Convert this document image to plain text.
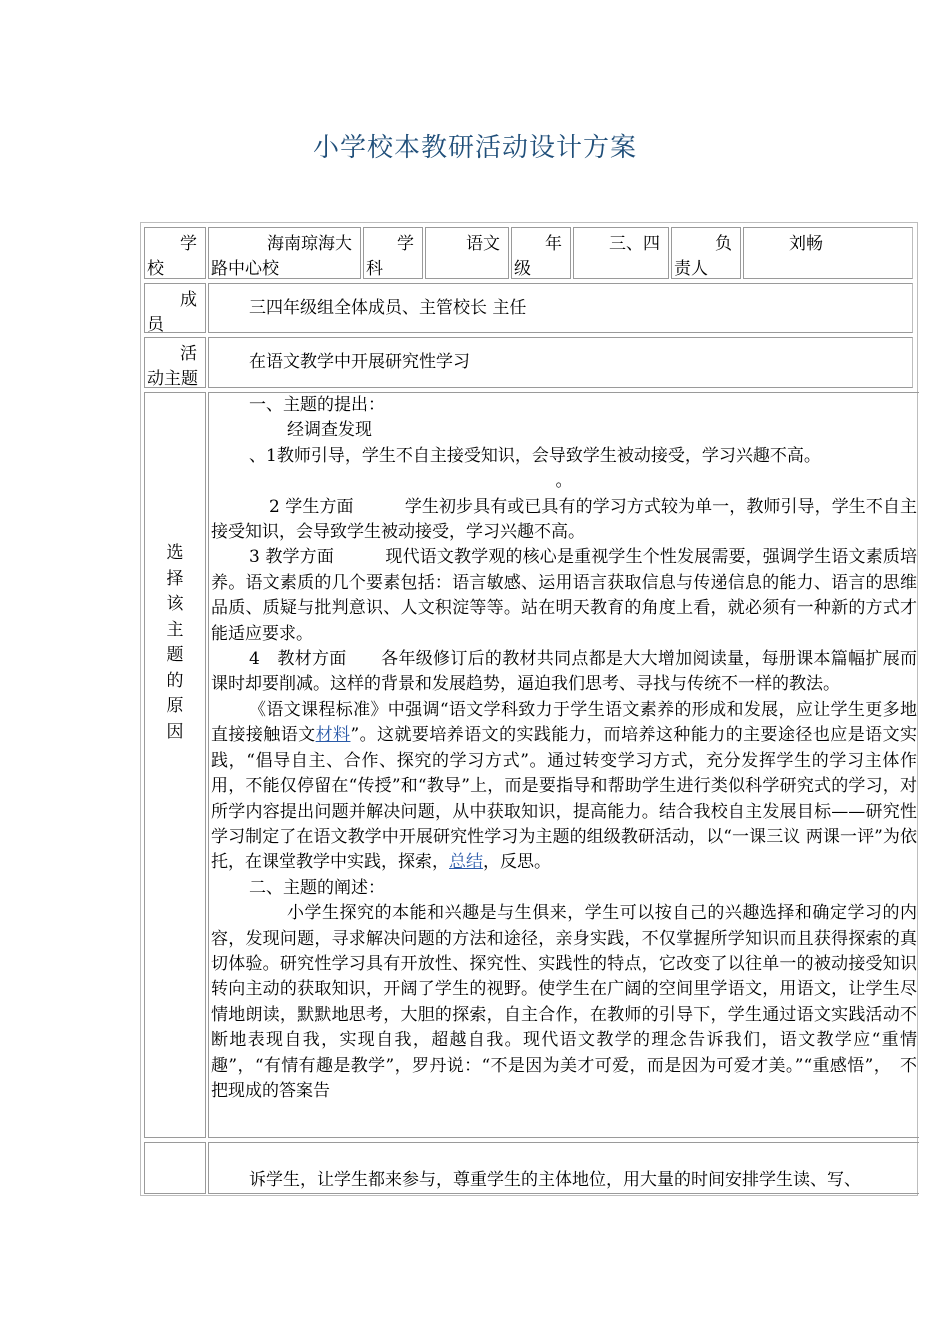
小学校本教研活动设计方案
学
校
海南琼海大
路中心校
学
科
语文	年
级
三、四	负
责人
刘畅
成
员
三四年级组全体成员、主管校长 主任
活
动主题
在语文教学中开展研究性学习
选
择
该
主
题
的
原
因

一、主题的提出：

经调查发现

、1教师引导，学生不自主接受知识，会导致学生被动接受，学习兴趣不高。

。

2 学生方面　　　学生初步具有或已具有的学习方式较为单一，教师引导，学生不自主接受知识，会导致学生被动接受，学习兴趣不高。

3 教学方面　　　现代语文教学观的核心是重视学生个性发展需要，强调学生语文素质培养。语文素质的几个要素包括：语言敏感、运用语言获取信息与传递信息的能力、语言的思维品质、质疑与批判意识、人文积淀等等。站在明天教育的角度上看，就必须有一种新的方式才能适应要求。

4　教材方面　　各年级修订后的教材共同点都是大大增加阅读量，每册课本篇幅扩展而课时却要削减。这样的背景和发展趋势，逼迫我们思考、寻找与传统不一样的教法。

《语文课程标准》中强调“语文学科致力于学生语文素养的形成和发展，应让学生更多地直接接触语文材料”。这就要培养语文的实践能力，而培养这种能力的主要途径也应是语文实践，“倡导自主、合作、探究的学习方式”。通过转变学习方式，充分发挥学生的学习主体作用，不能仅停留在“传授”和“教导”上，而是要指导和帮助学生进行类似科学研究式的学习，对所学内容提出问题并解决问题，从中获取知识，提高能力。结合我校自主发展目标——研究性学习制定了在语文教学中开展研究性学习为主题的组级教研活动，以“一课三议 两课一评”为依托，在课堂教学中实践，探索，总结，反思。

二、主题的阐述：

小学生探究的本能和兴趣是与生俱来，学生可以按自己的兴趣选择和确定学习的内容，发现问题，寻求解决问题的方法和途径，亲身实践，不仅掌握所学知识而且获得探索的真切体验。研究性学习具有开放性、探究性、实践性的特点，它改变了以往单一的被动接受知识转向主动的获取知识，开阔了学生的视野。使学生在广阔的空间里学语文，用语文，让学生尽情地朗读，默默地思考，大胆的探索，自主合作，在教师的引导下，学生通过语文实践活动不断地表现自我，实现自我，超越自我。现代语文教学的理念告诉我们，语文教学应“重情趣”，“有情有趣是教学”，罗丹说：“不是因为美才可爱，而是因为可爱才美。”“重感悟”，　不把现成的答案告

诉学生，让学生都来参与，尊重学生的主体地位，用大量的时间安排学生读、写、
